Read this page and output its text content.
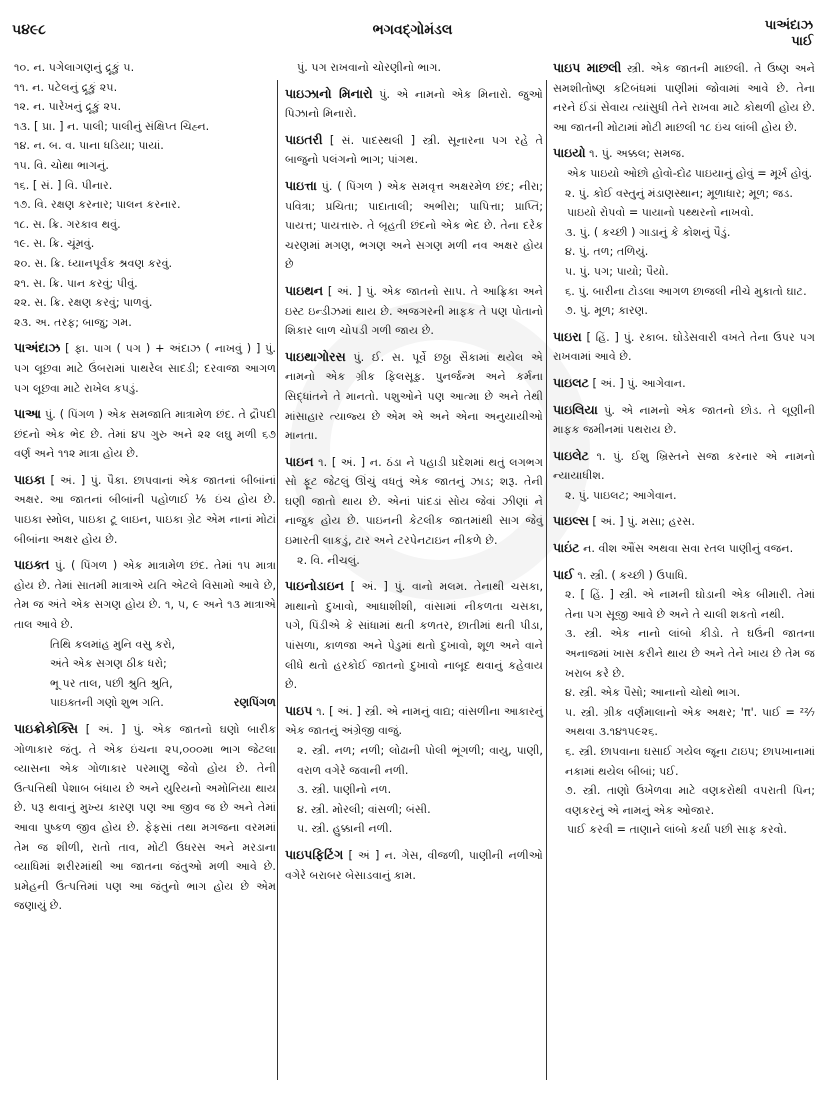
૫૪૯૮	ભગવદ્ગોમંડલ	પાઅંદાઝ
પાઈ
૧૦. ન. પગેલાગણનું દ્રૂકું ૫.
૧૧. ન. પટેલનું દ્રૂકું ૨૫.
૧૨. ન. પારેખનું દ્રૂકું ૨૫.
૧૩. [ પ્રા. ] ન. પાલી; પાલીનું સંક્ષિપ્ત ચિહ્ન.
૧૪. ન. બ. વ. પાના ધડિયા; પાયાં.
૧૫. વિ. ચોથા ભાગનું.
૧૬. [ સં. ] વિ. પીનાર.
૧૭. વિ. રક્ષણ કરનાર; પાલન કરનાર.
૧૮. સ. ક્રિ. ગરકાવ થવું.
૧૯. સ. ક્રિ. ચૂંમવું.
૨૦. સ. ક્રિ. ધ્યાનપૂર્વક શ્રવણ કરવું.
૨૧. સ. ક્રિ. પાન કરવું; પીવું.
૨૨. સ. ક્રિ. રક્ષણ કરવું; પાળવું.
૨૩. અ. તરફ; બાજુ; ગમ.
પાઅંદાઝ [ ફા. પાગ ( પગ ) + અંદાઝ ( નાખવું ) ] પું. પગ લૂછવા માટે ઉંબરામાં પાથરેલ સાદડી; દરવાજા આગળ પગ લૂછવા માટે રાખેલ કપડું.
પાઆ પું. ( પિંગળ ) એક સમજાતિ માત્રામેળ છંદ. તે દ્રૌપદી છંદનો એક ભેદ છે. તેમાં ૪૫ ગુરુ અને ૨૨ લઘુ મળી ૬૭ વર્ણ અને ૧૧૨ માત્રા હોય છે.
પાઇકા [ અં. ] પું. પૈકા. છાપવાનાં એક જાતનાં બીબાંનાં અક્ષર. આ જાતનાં બીબાંની પહોળાઈ ⅙ ઇંચ હોય છે. પાઇકા સ્મોલ, પાઇકા ટૂ લાઇન, પાઇકા ગ્રેટ એમ નાનાં મોટાં બીબાંના અક્ષર હોય છે.
પાઇક્ત પું. ( પિંગળ ) એક માત્રામેળ છંદ. તેમાં ૧૫ માત્રા હોય છે. તેમાં સાતમી માત્રાએ યતિ એટલે વિસામો આવે છે, તેમ જ અંતે એક સગણ હોય છે. ૧, ૫, ૯ અને ૧૩ માત્રાએ તાલ આવે છે.
તિથિ કલમાંહ મુનિ વસુ કરો,
અંતે એક સગણ ઠીક ધરો;
ભૂ પર તાલ, પછી શ્રુતિ શ્રુતિ,
પાઇક્તની ગણો શુભ ગતિ.	રણપિંગળ
પાઇક્રોકોક્સિ [ અં. ] પું. એક જાતનો ઘણો બારીક ગોળાકાર જંતુ. તે એક ઇંચના ૨૫,૦૦૦મા ભાગ જેટલા વ્યાસના એક ગોળાકાર પરમાણુ જેવો હોય છે. તેની ઉત્પત્તિથી પેશાબ બંધાય છે અને યુરિયનો અમોનિયા થાય છે. પરૂ થવાનું મુખ્ય કારણ પણ આ જીવ જ છે અને તેમાં આવા પુષ્કળ જીવ હોય છે. ફેફસાં તથા મગજના વરમમાં તેમ જ શીળી, રાતો તાવ, મોટી ઉધરસ અને મરડાના વ્યાધિમાં શરીરમાંથી આ જાતના જંતુઓ મળી આવે છે. પ્રમેહની ઉત્પત્તિમાં પણ આ જંતુનો ભાગ હોય છે એમ જણાયું છે.
પું. પગ રાખવાનો ચોરણીનો ભાગ.
પાઇઝાનો મિનારો પું. એ નામનો એક મિનારો. જુઓ પિઝાનો મિનારો.
પાઇતરી [ સં. પાદસ્થલી ] સ્ત્રી. સૂનારના પગ રહે તે બાજુનો પલંગનો ભાગ; પાંગથ.
પાઇત્તા પું. ( પિંગળ ) એક સમવૃત્ત અક્ષરમેળ છંદ; નીરા; પવિત્રા; પ્રચિતા; પાદાતાલી; અભીરા; પાપિત્તા; પ્રાપ્તિ; પાયત્ત; પાયત્તારુ. તે બૃહતી છંદનો એક ભેદ છે. તેના દરેક ચરણમાં મગણ, ભગણ અને સગણ મળી નવ અક્ષર હોય છે
પાઇથન [ અં. ] પું. એક જાતનો સાપ. તે આફ્રિકા અને ઇસ્ટ ઇન્ડીઝમાં થાય છે. અજગરની માફક તે પણ પોતાનો શિકાર લાળ ચોપડી ગળી જાય છે.
પાઇથાગોરસ પું. ઈ. સ. પૂર્વે છઠ્ઠા સૈકામાં થયેલ એ નામનો એક ગ્રીક ફિલસૂફ. પુનર્જન્મ અને કર્મના સિદ્ધાંતને તે માનતો. પશુઓને પણ આત્મા છે અને તેથી માંસાહાર ત્યાજ્ય છે એમ એ અને એના અનુયાયીઓ માનતા.
પાઇન ૧. [ અં. ] ન. ઠંડા ને પહાડી પ્રદેશમાં થતું લગભગ સો ફૂટ જેટલું ઊંચું વધતું એક જાતનું ઝાડ; શરૂ. તેની ઘણી જાતો થાય છે. એનાં પાંદડાં સોય જેવાં ઝીણાં ને નાજુક હોય છે. પાઇનની કેટલીક જાતમાંથી સાગ જેવું ઇમારતી લાકડું, ટાર અને ટરપેનટાઇન નીકળે છે.
૨. વિ. નીચલું.
પાઇનોડાઇન [ અં. ] પું. વાનો મલમ. તેનાથી ચસકા, માથાનો દુખાવો, આધાશીશી, વાંસામાં નીકળતા ચસકા, પગે, પિંડીએ કે સાંધામાં થતી કળતર, છાતીમાં થતી પીડા, પાંસળા, કાળજા અને પેડુમાં થતો દુખાવો, શૂળ અને વાને લીધે થતો હરકોઈ જાતનો દુખાવો નાબૂદ થવાનું કહેવાય છે.
પાઇપ ૧. [ અં. ] સ્ત્રી. એ નામનું વાદ્ય; વાંસળીના આકારનું એક જાતનું અંગ્રેજી વાજું.
૨. સ્ત્રી. નળ; નળી; લોઢાની પોલી ભૂંગળી; વાયુ, પાણી, વરાળ વગેરે જવાની નળી.
૩. સ્ત્રી. પાણીનો નળ.
૪. સ્ત્રી. મોરલી; વાંસળી; બંસી.
૫. સ્ત્રી. હુક્કાની નળી.
પાઇપફિટિંગ [ અં ] ન. ગેસ, વીજળી, પાણીની નળીઓ વગેરે બરાબર બેસાડવાનું કામ.
પાઇપ માછલી સ્ત્રી. એક જાતની માછલી. તે ઉષ્ણ અને સમશીતોષ્ણ કટિબંધમાં પાણીમાં જોવામાં આવે છે. તેના નરને ઈંડાં સેવાય ત્યાંસુધી તેને રાખવા માટે કોથળી હોય છે. આ જાતની મોટામાં મોટી માછલી ૧૮ ઇંચ લાંબી હોય છે.
પાઇયો ૧. પું. અક્કલ; સમજ.
એક પાઇયો ઓછો હોવો-દોઢ પાઇયાનું હોવું = મૂર્ખ હોવું.
૨. પું. કોઈ વસ્તુનું મંડાણસ્થાન; મૂળાધાર; મૂળ; જડ.
પાઇયો રોપવો = પાયાનો પથ્થરનો નાખવો.
૩. પું. ( કચ્છી ) ગાડાનું કે કોશનું પૈડું.
૪. પું. તળ; તળિયું.
૫. પું. પગ; પાયો; પૈયો.
૬. પું. બારીના ટોડલા આગળ છાજલી નીચે મુકાતો ઘાટ.
૭. પું. મૂળ; કારણ.
પાઇરા [ હિં. ] પું. રકાબ. ઘોડેસવારી વખતે તેના ઉપર પગ રાખવામાં આવે છે.
પાઇલટ [ અં. ] પું. આગેવાન.
પાઇલિયા પું. એ નામનો એક જાતનો છોડ. તે લૂણીની માફક જમીનમાં પથરાય છે.
પાઇલેટ ૧. પું. ઈશુ ખ્રિસ્તને સજા કરનાર એ નામનો ન્યાયાધીશ.
૨. પું. પાઇલટ; આગેવાન.
પાઇલ્સ [ અં. ] પું. મસા; હરસ.
પાઇંટ ન. વીશ ઔંસ અથવા સવા રતલ પાણીનું વજન.
પાઈ ૧. સ્ત્રી. ( કચ્છી ) ઉપાધિ.
૨. [ હિં. ] સ્ત્રી. એ નામની ઘોડાની એક બીમારી. તેમાં તેના પગ સૂજી આવે છે અને તે ચાલી શકતો નથી.
૩. સ્ત્રી. એક નાનો લાંબો કીડો. તે ઘઉંની જાતના અનાજમાં ખાસ કરીને થાય છે અને તેને ખાય છે તેમ જ ખરાબ કરે છે.
૪. સ્ત્રી. એક પૈસો; આનાનો ચોથો ભાગ.
૫. સ્ત્રી. ગ્રીક વર્ણમાલાનો એક અક્ષર; 'π'. પાઈ = ²²⁄₇ અથવા ૩.૧૪૧૫૯૨૬.
૬. સ્ત્રી. છાપવાના ઘસાઈ ગયેલ જૂના ટાઇપ; છાપખાનામાં નકામાં થયેલ બીબાં; પઈ.
૭. સ્ત્રી. તાણો ઉખેળવા માટે વણકરોથી વપરાતી પિન; વણકરનું એ નામનું એક ઓજાર.
પાઈ કરવી = તાણાને લાંબો કર્યા પછી સાફ કરવો.
